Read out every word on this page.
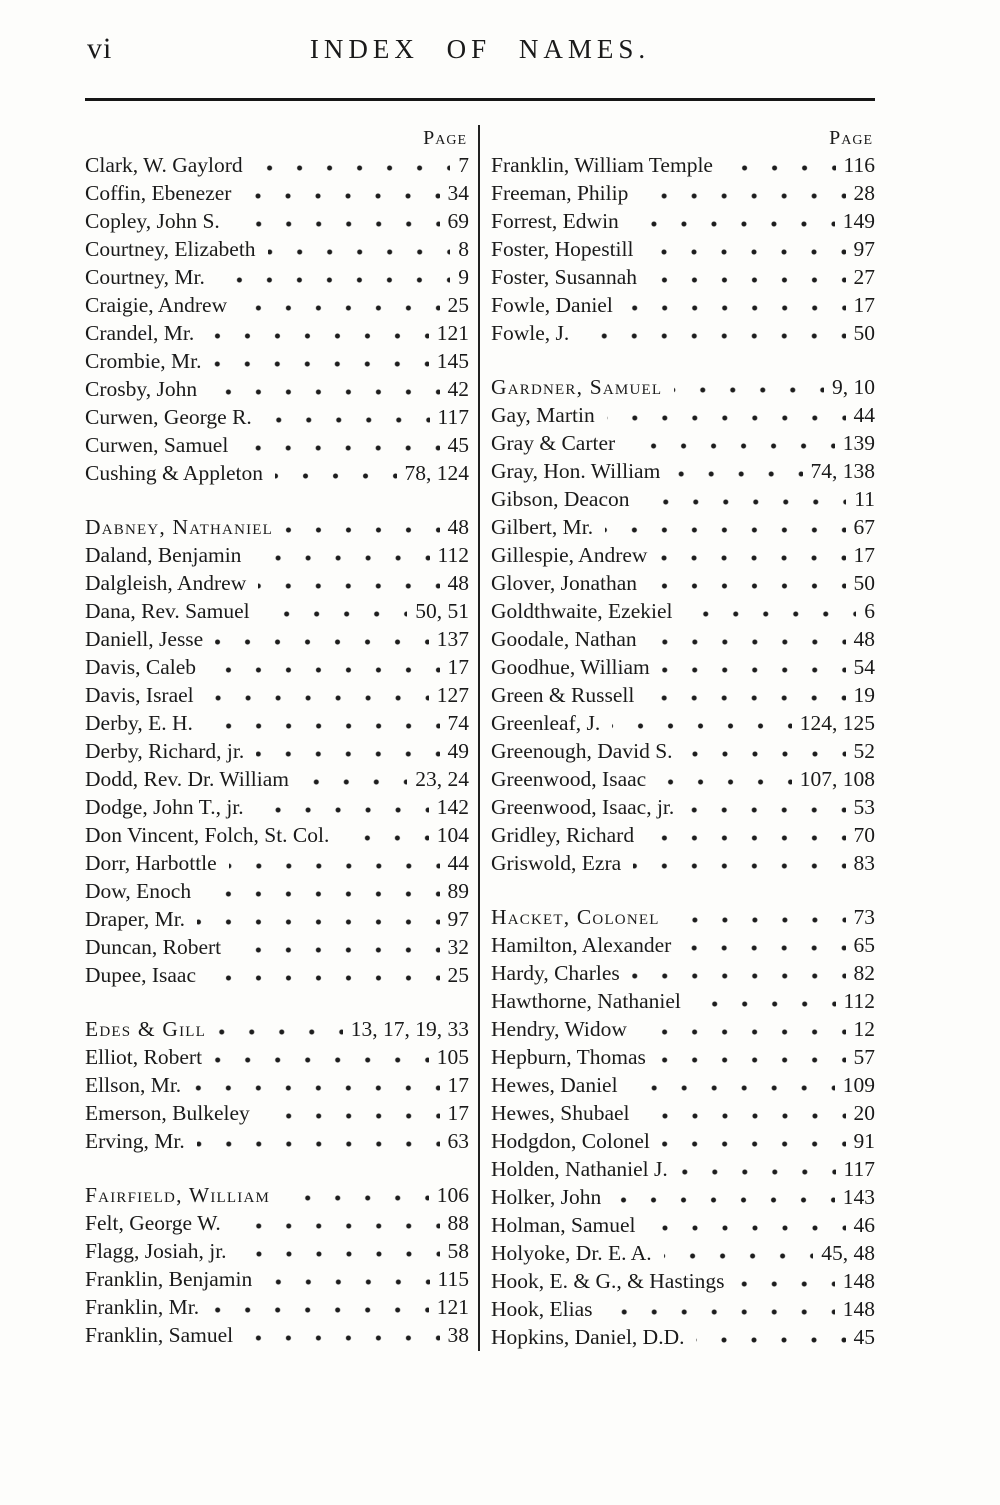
vi	INDEX OF NAMES.
Page
Clark, W. Gaylord	7
Coffin, Ebenezer	34
Copley, John S.	69
Courtney, Elizabeth	8
Courtney, Mr.	9
Craigie, Andrew	25
Crandel, Mr.	121
Crombie, Mr.	145
Crosby, John	42
Curwen, George R.	117
Curwen, Samuel	45
Cushing & Appleton	78, 124
Dabney, Nathaniel	48
Daland, Benjamin	112
Dalgleish, Andrew	48
Dana, Rev. Samuel	50, 51
Daniell, Jesse	137
Davis, Caleb	17
Davis, Israel	127
Derby, E. H.	74
Derby, Richard, jr.	49
Dodd, Rev. Dr. William	23, 24
Dodge, John T., jr.	142
Don Vincent, Folch, St. Col.	104
Dorr, Harbottle	44
Dow, Enoch	89
Draper, Mr.	97
Duncan, Robert	32
Dupee, Isaac	25
Edes & Gill	13, 17, 19, 33
Elliot, Robert	105
Ellson, Mr.	17
Emerson, Bulkeley	17
Erving, Mr.	63
Fairfield, William	106
Felt, George W.	88
Flagg, Josiah, jr.	58
Franklin, Benjamin	115
Franklin, Mr.	121
Franklin, Samuel	38
Page
Franklin, William Temple	116
Freeman, Philip	28
Forrest, Edwin	149
Foster, Hopestill	97
Foster, Susannah	27
Fowle, Daniel	17
Fowle, J.	50
Gardner, Samuel	9, 10
Gay, Martin	44
Gray & Carter	139
Gray, Hon. William	74, 138
Gibson, Deacon	11
Gilbert, Mr.	67
Gillespie, Andrew	17
Glover, Jonathan	50
Goldthwaite, Ezekiel	6
Goodale, Nathan	48
Goodhue, William	54
Green & Russell	19
Greenleaf, J.	124, 125
Greenough, David S.	52
Greenwood, Isaac	107, 108
Greenwood, Isaac, jr.	53
Gridley, Richard	70
Griswold, Ezra	83
Hacket, Colonel	73
Hamilton, Alexander	65
Hardy, Charles	82
Hawthorne, Nathaniel	112
Hendry, Widow	12
Hepburn, Thomas	57
Hewes, Daniel	109
Hewes, Shubael	20
Hodgdon, Colonel	91
Holden, Nathaniel J.	117
Holker, John	143
Holman, Samuel	46
Holyoke, Dr. E. A.	45, 48
Hook, E. & G., & Hastings	148
Hook, Elias	148
Hopkins, Daniel, D.D.	45
